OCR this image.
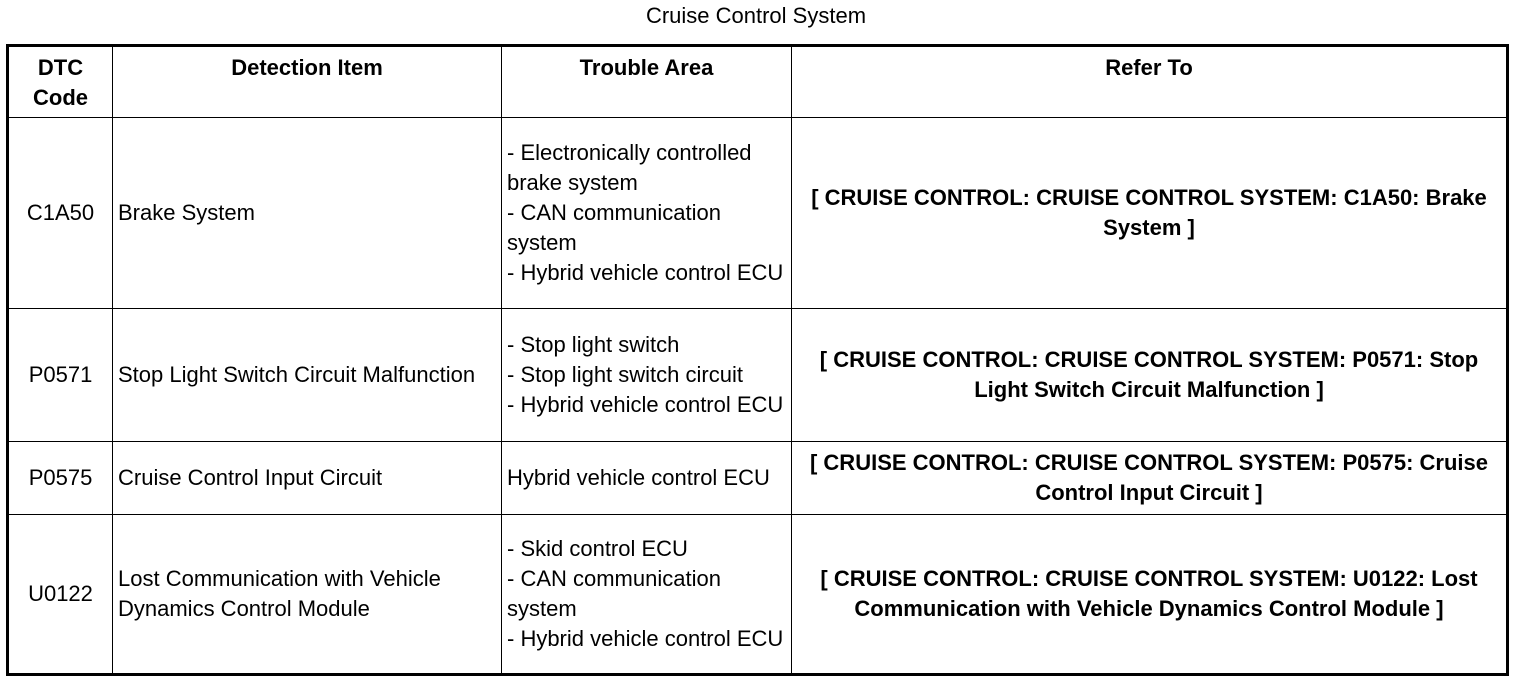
Cruise Control System
DTC Code	Detection Item	Trouble Area	Refer To
C1A50	Brake System	- Electronically controlled brake system
- CAN communication system
- Hybrid vehicle control ECU	[ CRUISE CONTROL: CRUISE CONTROL SYSTEM: C1A50: Brake System ]
P0571	Stop Light Switch Circuit Malfunction	- Stop light switch
- Stop light switch circuit
- Hybrid vehicle control ECU	[ CRUISE CONTROL: CRUISE CONTROL SYSTEM: P0571: Stop Light Switch Circuit Malfunction ]
P0575	Cruise Control Input Circuit	Hybrid vehicle control ECU	[ CRUISE CONTROL: CRUISE CONTROL SYSTEM: P0575: Cruise Control Input Circuit ]
U0122	Lost Communication with Vehicle Dynamics Control Module	- Skid control ECU
- CAN communication system
- Hybrid vehicle control ECU	[ CRUISE CONTROL: CRUISE CONTROL SYSTEM: U0122: Lost Communication with Vehicle Dynamics Control Module ]
